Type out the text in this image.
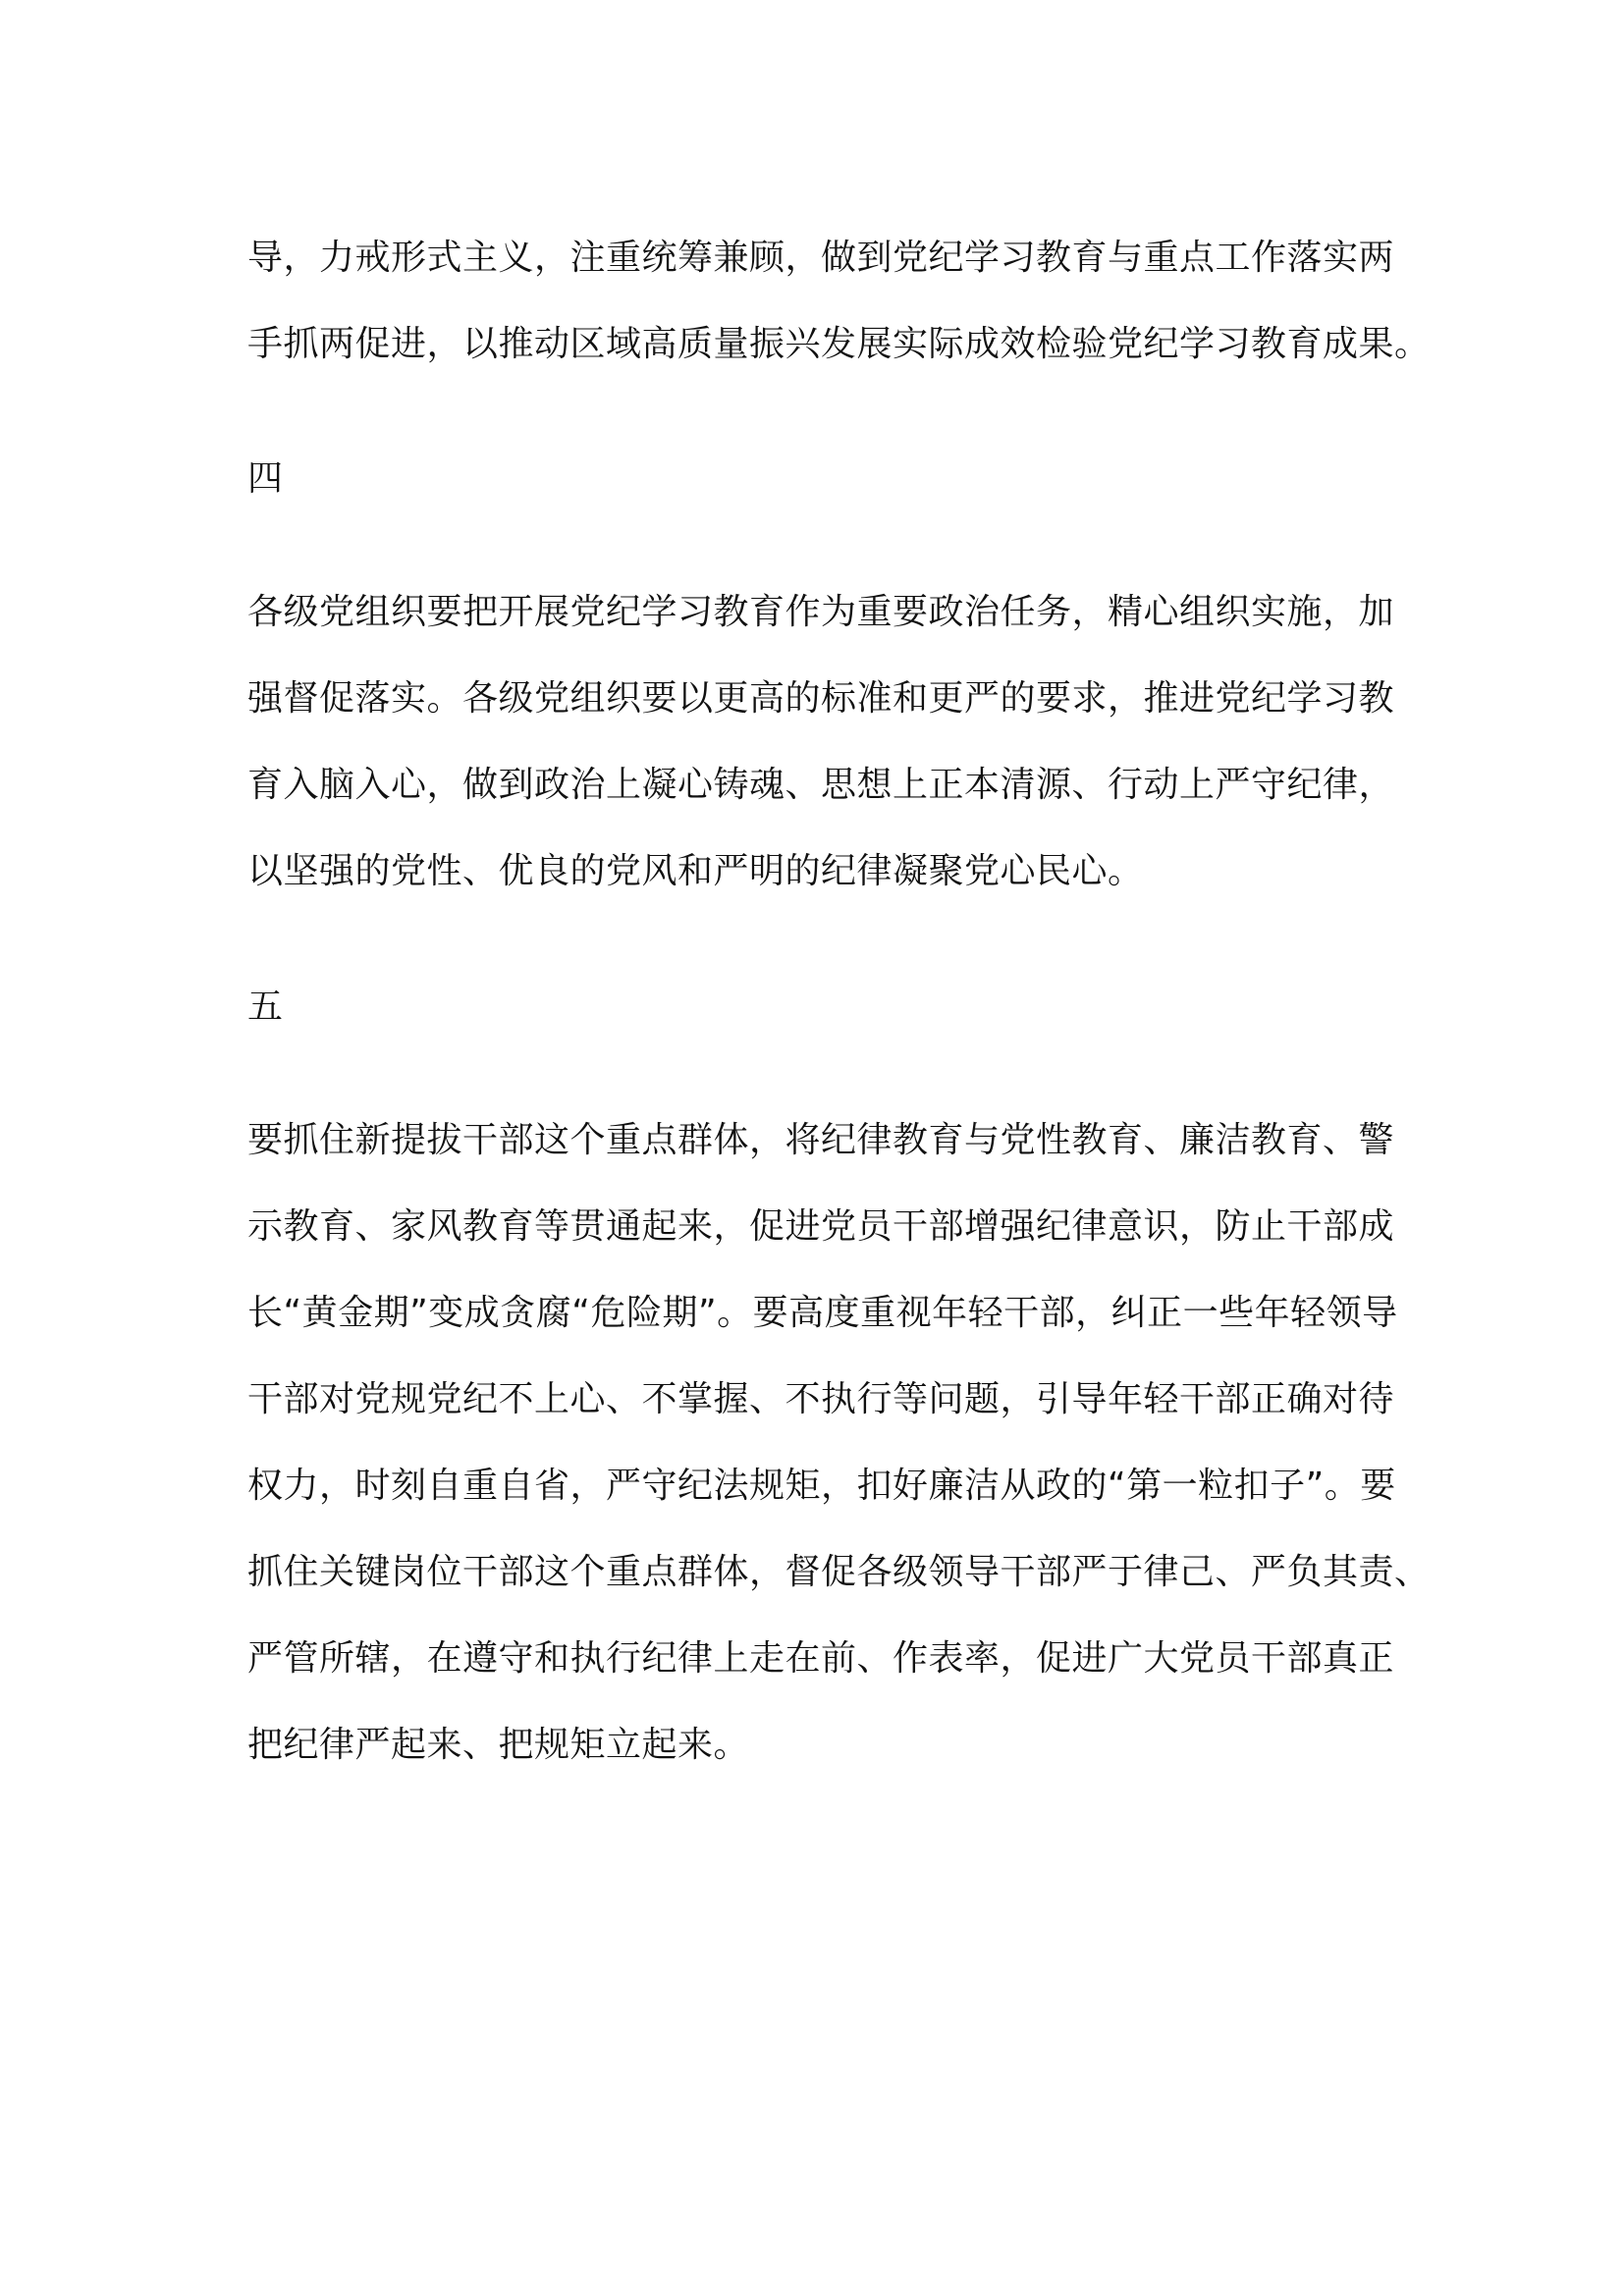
导，力戒形式主义，注重统筹兼顾，做到党纪学习教育与重点工作落实两
手抓两促进，以推动区域高质量振兴发展实际成效检验党纪学习教育成果。
四
各级党组织要把开展党纪学习教育作为重要政治任务，精心组织实施，加
强督促落实。各级党组织要以更高的标准和更严的要求，推进党纪学习教
育入脑入心，做到政治上凝心铸魂、思想上正本清源、行动上严守纪律，
以坚强的党性、优良的党风和严明的纪律凝聚党心民心。
五
要抓住新提拔干部这个重点群体，将纪律教育与党性教育、廉洁教育、警
示教育、家风教育等贯通起来，促进党员干部增强纪律意识，防止干部成
长“黄金期”变成贪腐“危险期”。要高度重视年轻干部，纠正一些年轻领导
干部对党规党纪不上心、不掌握、不执行等问题，引导年轻干部正确对待
权力，时刻自重自省，严守纪法规矩，扣好廉洁从政的“第一粒扣子”。要
抓住关键岗位干部这个重点群体，督促各级领导干部严于律己、严负其责、
严管所辖，在遵守和执行纪律上走在前、作表率，促进广大党员干部真正
把纪律严起来、把规矩立起来。
